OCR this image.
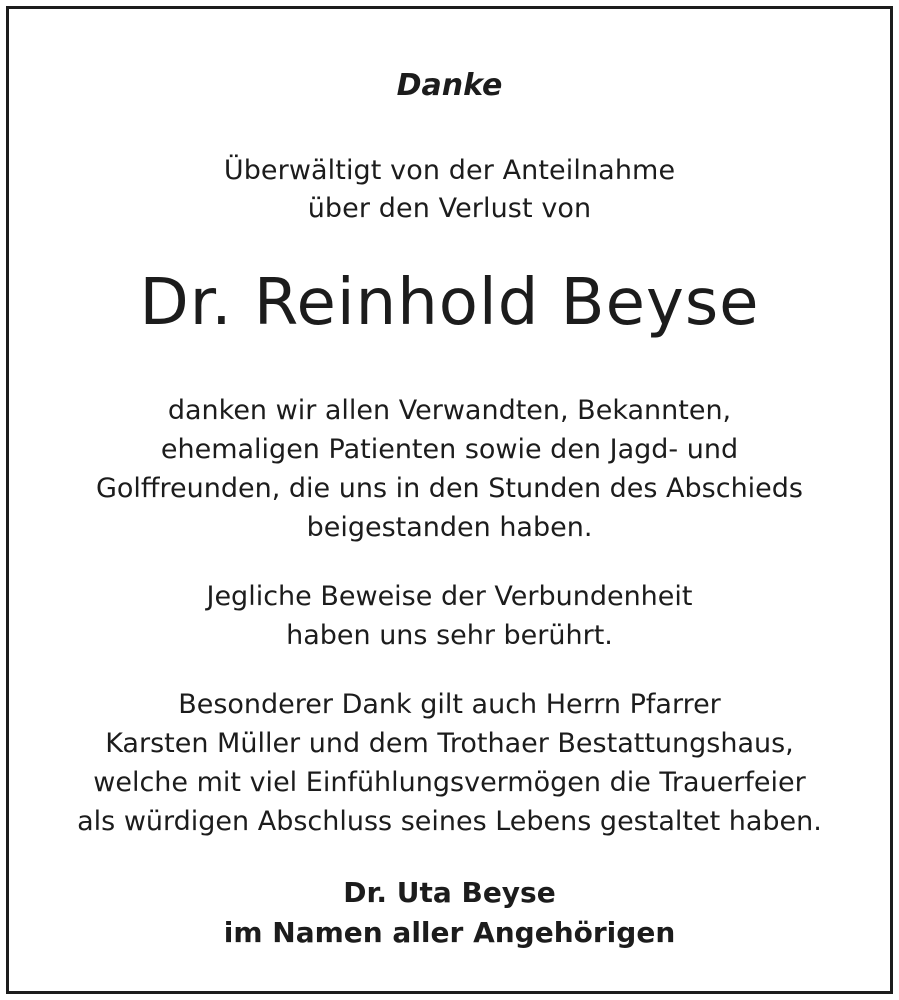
Danke
Überwältigt von der Anteilnahme
über den Verlust von
Dr. Reinhold Beyse
danken wir allen Verwandten, Bekannten,
ehemaligen Patienten sowie den Jagd- und
Golffreunden, die uns in den Stunden des Abschieds
beigestanden haben.
Jegliche Beweise der Verbundenheit
haben uns sehr berührt.
Besonderer Dank gilt auch Herrn Pfarrer
Karsten Müller und dem Trothaer Bestattungshaus,
welche mit viel Einfühlungsvermögen die Trauerfeier
als würdigen Abschluss seines Lebens gestaltet haben.
Dr. Uta Beyse
im Namen aller Angehörigen
